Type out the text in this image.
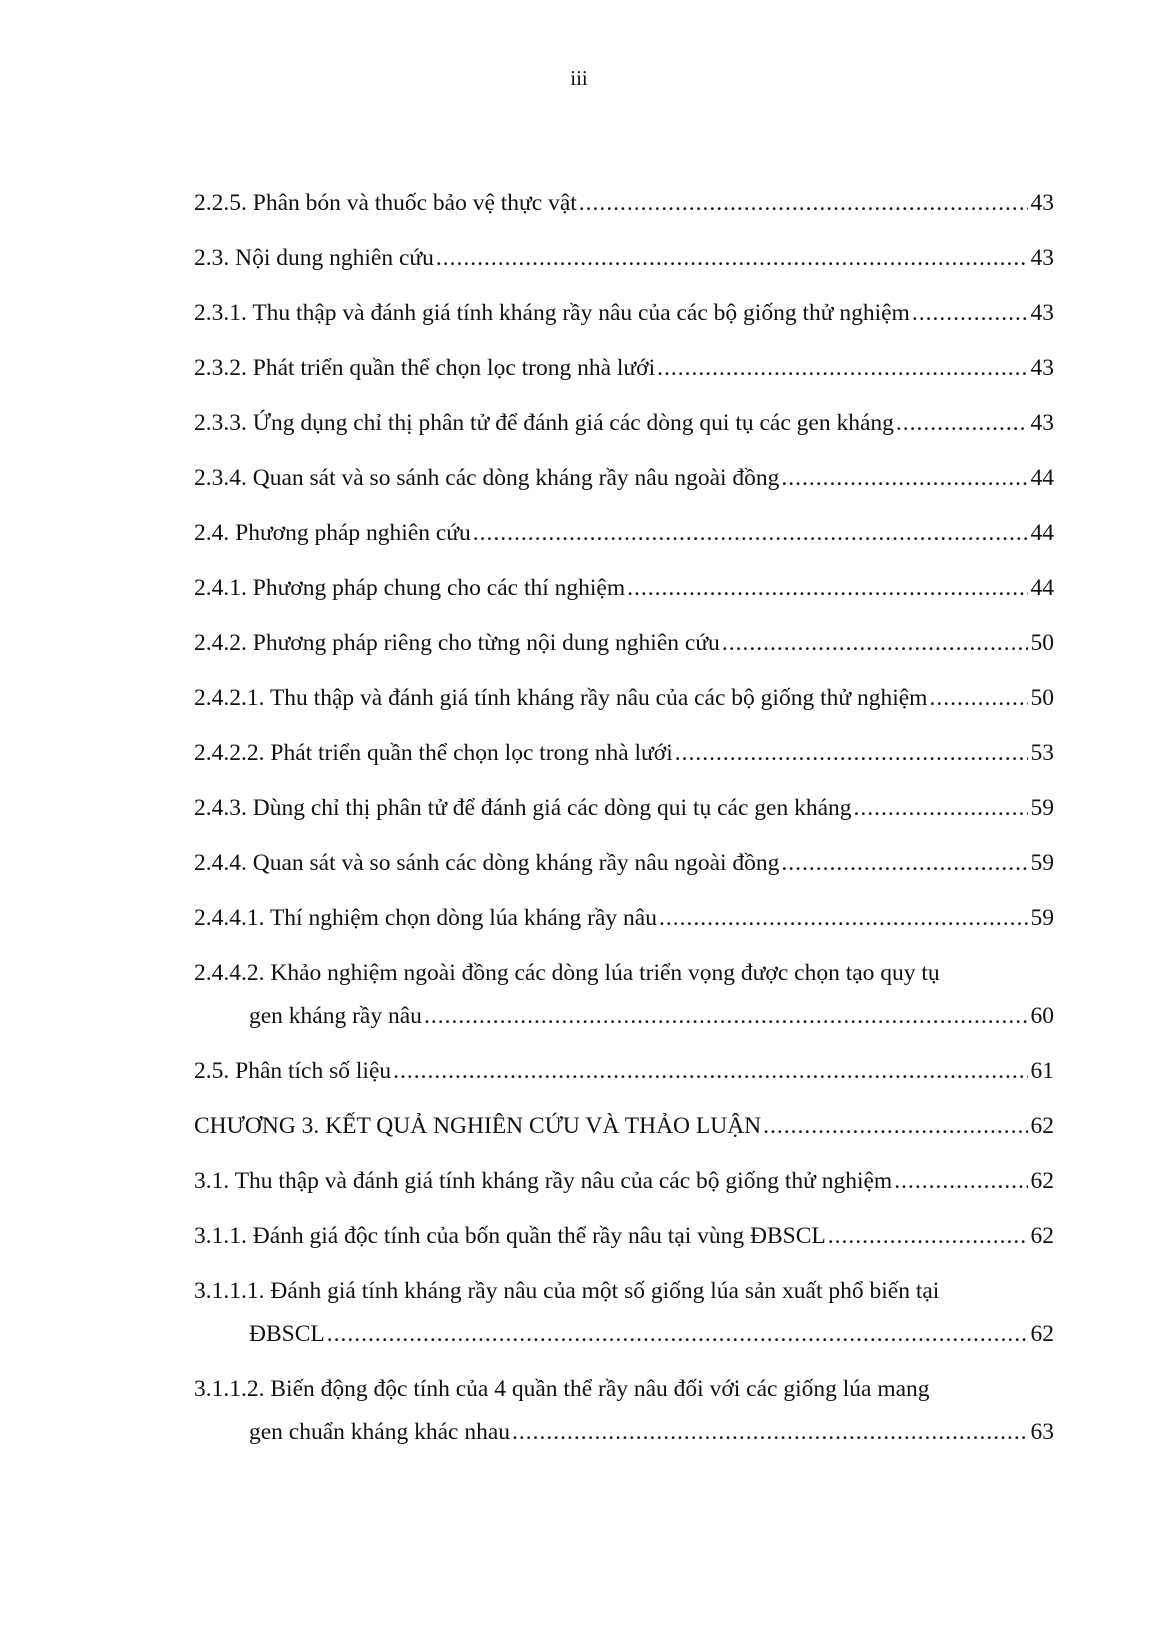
iii
2.2.5. Phân bón và thuốc bảo vệ thực vật .....	43
2.3. Nội dung nghiên cứu .....	43
2.3.1. Thu thập và đánh giá tính kháng rầy nâu của các bộ giống thử nghiệm .....	43
2.3.2. Phát triển quần thể chọn lọc trong nhà lưới .....	43
2.3.3. Ứng dụng chỉ thị phân tử để đánh giá các dòng qui tụ các gen kháng .....	43
2.3.4. Quan sát và so sánh các dòng kháng rầy nâu ngoài đồng .....	44
2.4. Phương pháp nghiên cứu .....	44
2.4.1. Phương pháp chung cho các thí nghiệm .....	44
2.4.2. Phương pháp riêng cho từng nội dung nghiên cứu .....	50
2.4.2.1. Thu thập và đánh giá tính kháng rầy nâu của các bộ giống thử nghiệm .....	50
2.4.2.2. Phát triển quần thể chọn lọc trong nhà lưới .....	53
2.4.3. Dùng chỉ thị phân tử để đánh giá các dòng qui tụ các gen kháng .....	59
2.4.4. Quan sát và so sánh các dòng kháng rầy nâu ngoài đồng .....	59
2.4.4.1. Thí nghiệm chọn dòng lúa kháng rầy nâu .....	59
2.4.4.2. Khảo nghiệm ngoài đồng các dòng lúa triển vọng được chọn tạo quy tụ
gen kháng rầy nâu .....	60
2.5. Phân tích số liệu .....	61
CHƯƠNG 3. KẾT QUẢ NGHIÊN CỨU VÀ THẢO LUẬN .....	62
3.1. Thu thập và đánh giá tính kháng rầy nâu của các bộ giống thử nghiệm .....	62
3.1.1. Đánh giá độc tính của bốn quần thể rầy nâu tại vùng ĐBSCL .....	62
3.1.1.1. Đánh giá tính kháng rầy nâu của một số giống lúa sản xuất phổ biến tại
ĐBSCL .....	62
3.1.1.2. Biến động độc tính của 4 quần thể rầy nâu đối với các giống lúa mang
gen chuẩn kháng khác nhau .....	63
